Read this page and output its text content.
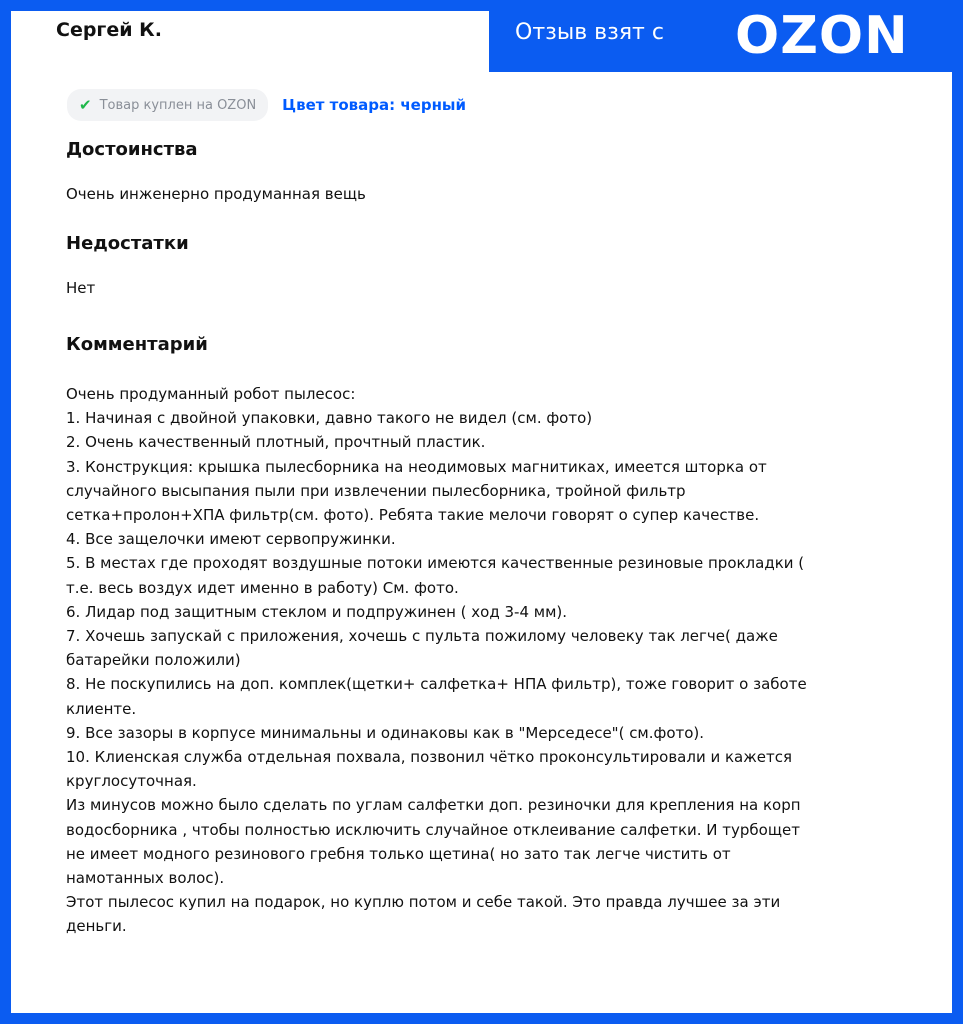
Сергей К.
✔ Товар куплен на OZON Цвет товара: черный
Достоинства

Очень инженерно продуманная вещь

Недостатки

Нет

Комментарий
Очень продуманный робот пылесос:
1. Начиная с двойной упаковки, давно такого не видел (см. фото)
2. Очень качественный плотный, прочтный пластик.
3. Конструкция: крышка пылесборника на неодимовых магнитиках, имеется шторка от
случайного высыпания пыли при извлечении пылесборника, тройной фильтр
сетка+пролон+ХПА фильтр(см. фото). Ребята такие мелочи говорят о супер качестве.
4. Все защелочки имеют сервопружинки.
5. В местах где проходят воздушные потоки имеются качественные резиновые прокладки (
т.е. весь воздух идет именно в работу) См. фото.
6. Лидар под защитным стеклом и подпружинен ( ход 3-4 мм).
7. Хочешь запускай с приложения, хочешь с пульта пожилому человеку так легче( даже
батарейки положили)
8. Не поскупились на доп. комплек(щетки+ салфетка+ НПА фильтр), тоже говорит о заботе
клиенте.
9. Все зазоры в корпусе минимальны и одинаковы как в "Мерседесе"( см.фото).
10. Клиенская служба отдельная похвала, позвонил чётко проконсультировали и кажется
круглосуточная.
Из минусов можно было сделать по углам салфетки доп. резиночки для крепления на корп
водосборника , чтобы полностью исключить случайное отклеивание салфетки. И турбощет
не имеет модного резинового гребня только щетина( но зато так легче чистить от
намотанных волос).
Этот пылесос купил на подарок, но куплю потом и себе такой. Это правда лучшее за эти
деньги.
Отзыв взят с OZON
